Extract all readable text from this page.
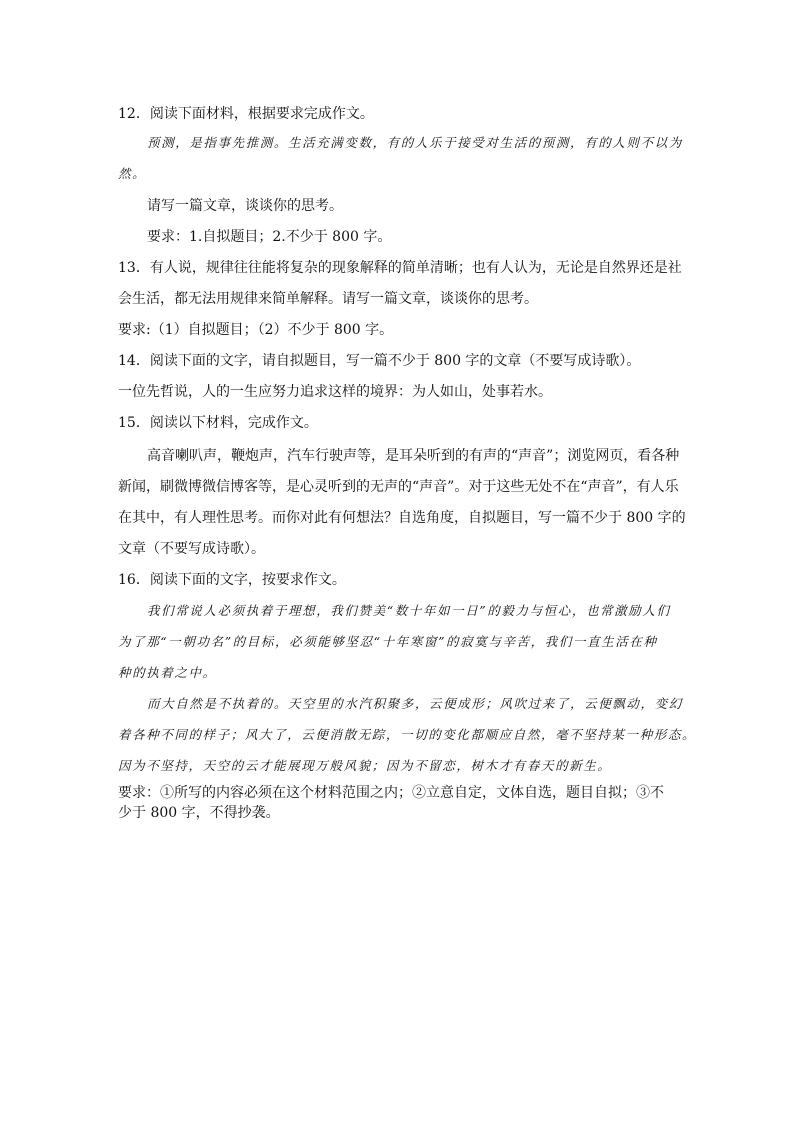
12．阅读下面材料，根据要求完成作文。
预测，是指事先推测。生活充满变数，有的人乐于接受对生活的预测，有的人则不以为
然。
请写一篇文章，谈谈你的思考。
要求：1.自拟题目；2.不少于 800 字。
13．有人说，规律往往能将复杂的现象解释的简单清晰；也有人认为，无论是自然界还是社
会生活，都无法用规律来简单解释。请写一篇文章，谈谈你的思考。
要求:（1）自拟题目；（2）不少于 800 字。
14．阅读下面的文字，请自拟题目，写一篇不少于 800 字的文章（不要写成诗歌）。
一位先哲说，人的一生应努力追求这样的境界：为人如山，处事若水。
15．阅读以下材料，完成作文。
高音喇叭声，鞭炮声，汽车行驶声等，是耳朵听到的有声的“声音”；浏览网页，看各种
新闻，刷微博微信博客等，是心灵听到的无声的“声音”。对于这些无处不在“声音”，有人乐
在其中，有人理性思考。而你对此有何想法？自选角度，自拟题目，写一篇不少于 800 字的
文章（不要写成诗歌）。
16．阅读下面的文字，按要求作文。
我们常说人必须执着于理想，我们赞美“数十年如一日”的毅力与恒心，也常激励人们
为了那“一朝功名”的目标，必须能够坚忍“十年寒窗”的寂寞与辛苦，我们一直生活在种
种的执着之中。
而大自然是不执着的。天空里的水汽积聚多，云便成形；风吹过来了，云便飘动，变幻
着各种不同的样子；风大了，云便消散无踪，一切的变化都顺应自然，毫不坚持某一种形态。
因为不坚持，天空的云才能展现万般风貌；因为不留恋，树木才有春天的新生。
要求：①所写的内容必须在这个材料范围之内；②立意自定，文体自选，题目自拟；③不
少于 800 字，不得抄袭。
